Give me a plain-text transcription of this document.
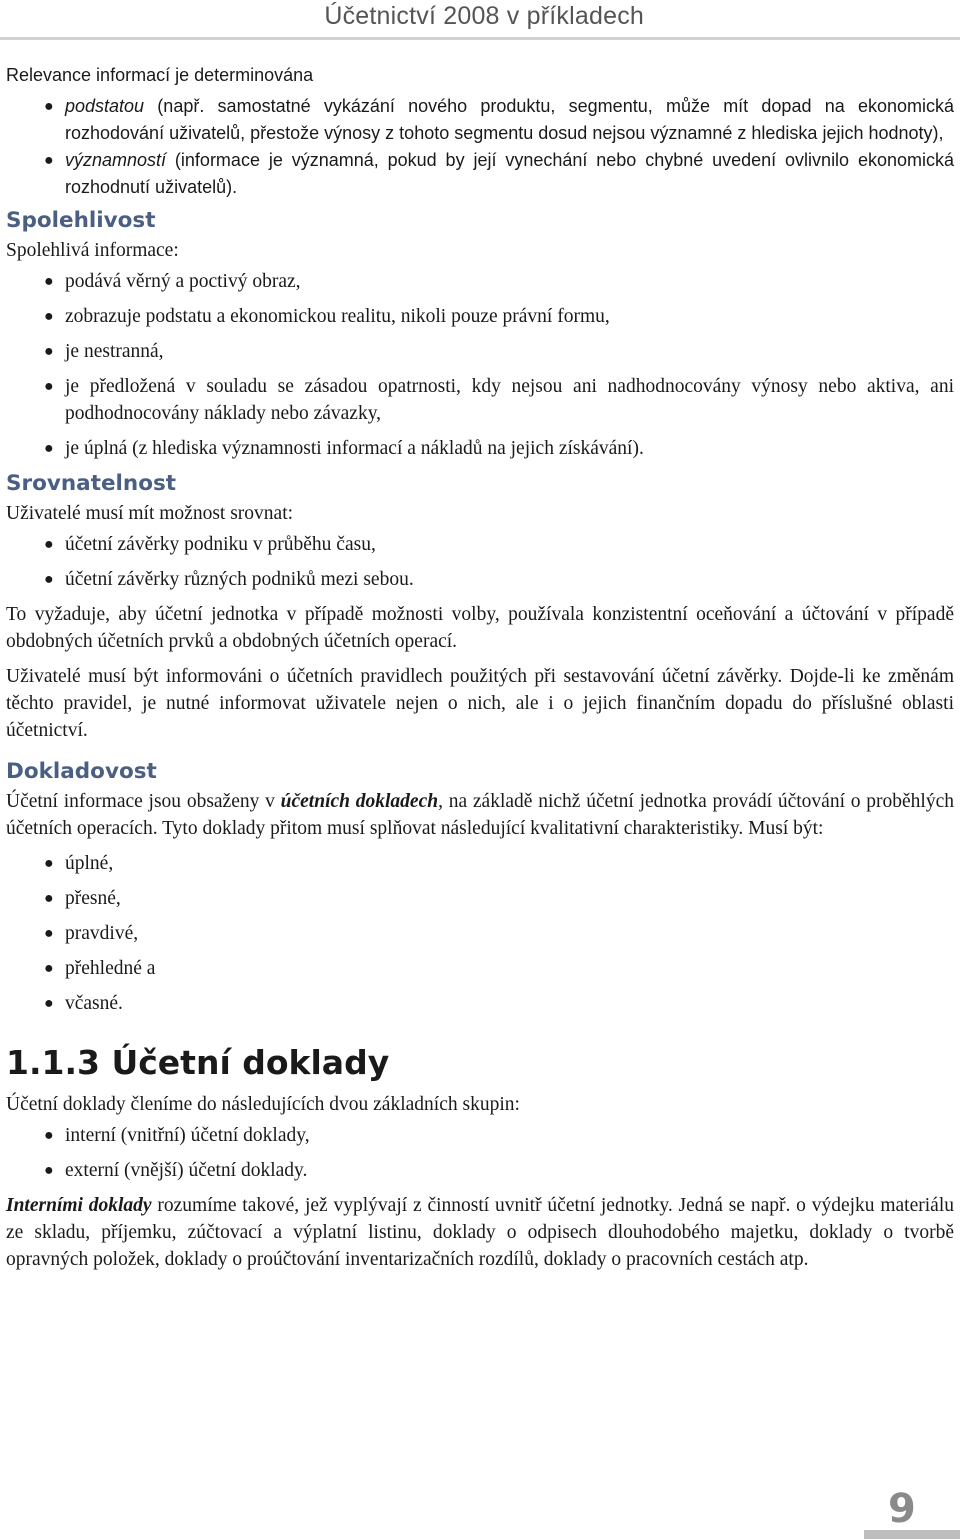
Účetnictví 2008 v příkladech

Relevance informací je determinována

● podstatou (např. samostatné vykázání nového produktu, segmentu, může mít dopad na ekonomická rozhodování uživatelů, přestože výnosy z tohoto segmentu dosud nejsou významné z hlediska jejich hodnoty),
● významností (informace je významná, pokud by její vynechání nebo chybné uvedení ovlivnilo ekonomická rozhodnutí uživatelů).
Spolehlivost

Spolehlivá informace:

● podává věrný a poctivý obraz,
● zobrazuje podstatu a ekonomickou realitu, nikoli pouze právní formu,
● je nestranná,
● je předložená v souladu se zásadou opatrnosti, kdy nejsou ani nadhodnocovány výnosy nebo aktiva, ani podhodnocovány náklady nebo závazky,
● je úplná (z hlediska významnosti informací a nákladů na jejich získávání).
Srovnatelnost

Uživatelé musí mít možnost srovnat:

● účetní závěrky podniku v průběhu času,
● účetní závěrky různých podniků mezi sebou.

To vyžaduje, aby účetní jednotka v případě možnosti volby, používala konzistentní oceňování a účtování v případě obdobných účetních prvků a obdobných účetních operací.

Uživatelé musí být informováni o účetních pravidlech použitých při sestavování účetní závěrky. Dojde-li ke změnám těchto pravidel, je nutné informovat uživatele nejen o nich, ale i o jejich finančním dopadu do příslušné oblasti účetnictví.

Dokladovost

Účetní informace jsou obsaženy v účetních dokladech, na základě nichž účetní jednotka provádí účtování o proběhlých účetních operacích. Tyto doklady přitom musí splňovat následující kvalitativní charakteristiky. Musí být:

● úplné,
● přesné,
● pravdivé,
● přehledné a
● včasné.
1.1.3 Účetní doklady

Účetní doklady členíme do následujících dvou základních skupin:

● interní (vnitřní) účetní doklady,
● externí (vnější) účetní doklady.

Interními doklady rozumíme takové, jež vyplývají z činností uvnitř účetní jednotky. Jedná se např. o výdejku materiálu ze skladu, příjemku, zúčtovací a výplatní listinu, doklady o odpisech dlouhodobého majetku, doklady o tvorbě opravných položek, doklady o proúčtování inventarizačních rozdílů, doklady o pracovních cestách atp.

9
